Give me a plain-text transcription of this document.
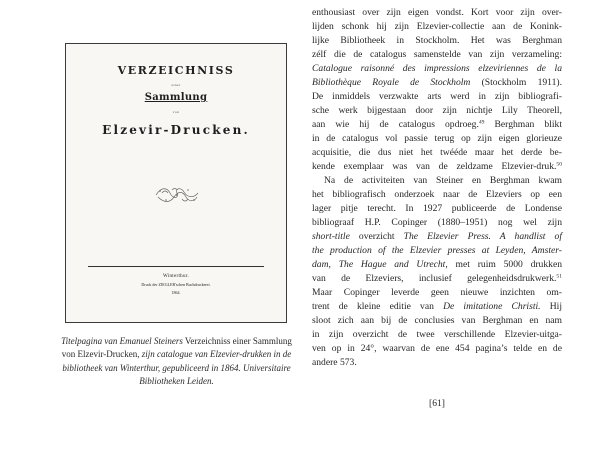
VERZEICHNISS
einer
Sammlung
von
Elzevir-Drucken.
Winterthur.
Druck der ZIEGLER'schen Buchdruckerei.
1864.
Titelpagina van Emanuel Steiners Verzeichniss einer Sammlung von Elzevir-Drucken, zijn catalogue van Elzevier-drukken in de bibliotheek van Winterthur, gepubliceerd in 1864. Universitaire Bibliotheken Leiden.
enthousiast over zijn eigen vondst. Kort voor zijn over-
lijden schonk hij zijn Elzevier-collectie aan de Konink-
lijke Bibliotheek in Stockholm. Het was Berghman
zélf die de catalogus samenstelde van zijn verzameling:
Catalogue raisonné des impressions elzeviriennes de la
Bibliothèque Royale de Stockholm (Stockholm 1911).
De inmiddels verzwakte arts werd in zijn bibliografi-
sche werk bijgestaan door zijn nichtje Lily Theorell,
aan wie hij de catalogus opdroeg.$^{49}$ Berghman blikt
in de catalogus vol passie terug op zijn eigen glorieuze
acquisitie, die dus niet het twééde maar het derde be-
kende exemplaar was van de zeldzame Elzevier-druk.$^{50}$
Na de activiteiten van Steiner en Berghman kwam
het bibliografisch onderzoek naar de Elzeviers op een
lager pitje terecht. In 1927 publiceerde de Londense
bibliograaf H.P. Copinger (1880–1951) nog wel zijn
short-title overzicht The Elzevier Press. A handlist of
the production of the Elzevier presses at Leyden, Amster-
dam, The Hague and Utrecht, met ruim 5000 drukken
van de Elzeviers, inclusief gelegenheidsdrukwerk.$^{51}$
Maar Copinger leverde geen nieuwe inzichten om-
trent de kleine editie van De imitatione Christi. Hij
sloot zich aan bij de conclusies van Berghman en nam
in zijn overzicht de twee verschillende Elzevier-uitga-
ven op in 24°, waarvan de ene 454 pagina’s telde en de
andere 573.
[61]
